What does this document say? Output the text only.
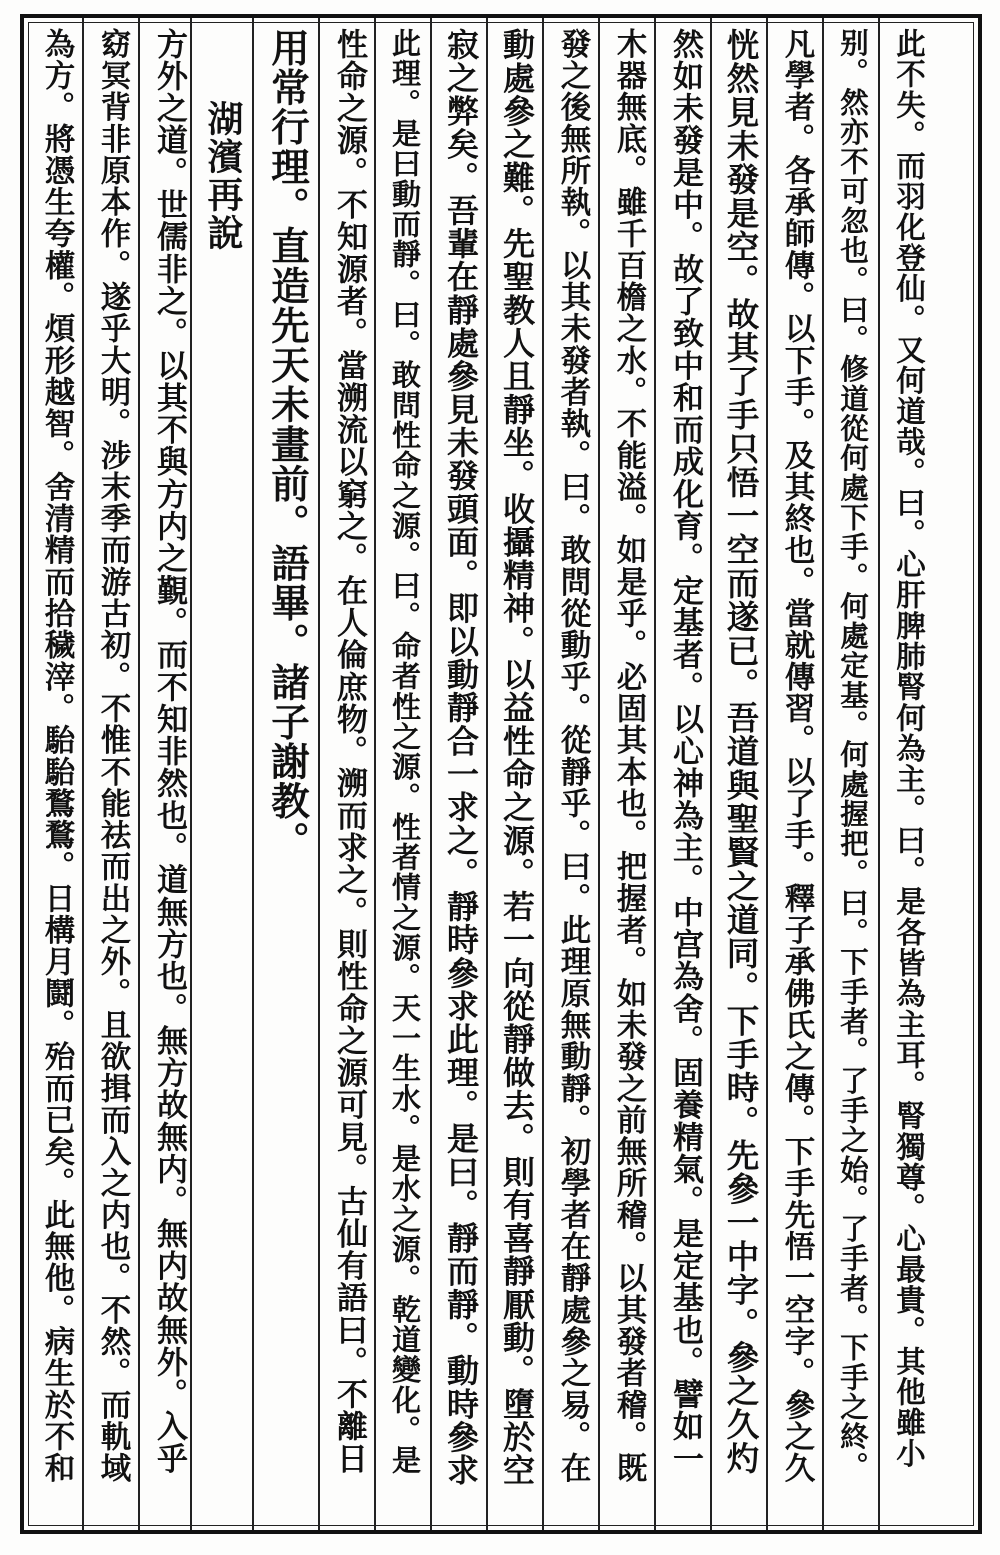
此不失。而羽化登仙。又何道哉。曰。心肝脾肺腎何為主。曰。是各皆為主耳。腎獨尊。心最貴。其他雖小
别。然亦不可忽也。曰。修道從何處下手。何處定基。何處握把。曰。下手者。了手之始。了手者。下手之終。
凡學者。各承師傳。以下手。及其終也。當就傳習。以了手。釋子承佛氏之傳。下手先悟一空字。參之久
恍然見未發是空。故其了手只悟一空而遂已。吾道與聖賢之道同。下手時。先參一中字。參之久灼
然如未發是中。故了致中和而成化育。定基者。以心神為主。中宫為舍。固養精氣。是定基也。譬如一
木器無底。雖千百檐之水。不能溢。如是乎。必固其本也。把握者。如未發之前無所稽。以其發者稽。既
發之後無所執。以其未發者執。曰。敢問從動乎。從靜乎。曰。此理原無動靜。初學者在靜處參之易。在
動處參之難。先聖教人且靜坐。收攝精神。以益性命之源。若一向從靜做去。則有喜靜厭動。墮於空
寂之弊矣。吾輩在靜處參見未發頭面。即以動靜合一求之。靜時參求此理。是曰。靜而靜。動時參求
此理。是曰動而靜。曰。敢問性命之源。曰。命者性之源。性者情之源。天一生水。是水之源。乾道變化。是
性命之源。不知源者。當溯流以窮之。在人倫庶物。溯而求之。則性命之源可見。古仙有語曰。不離日
用常行理。直造先天未畫前。語畢。諸子謝教。
湖濱再說
方外之道。世儒非之。以其不與方内之覲。而不知非然也。道無方也。無方故無内。無内故無外。入乎
窈冥背非原本作。遂乎大明。涉末季而游古初。不惟不能祛而出之外。且欲揖而入之内也。不然。而軌域
為方。將憑生夸權。煩形越智。舍清精而拾穢滓。駘駘鶩鶩。日構月鬪。殆而已矣。此無他。病生於不和
